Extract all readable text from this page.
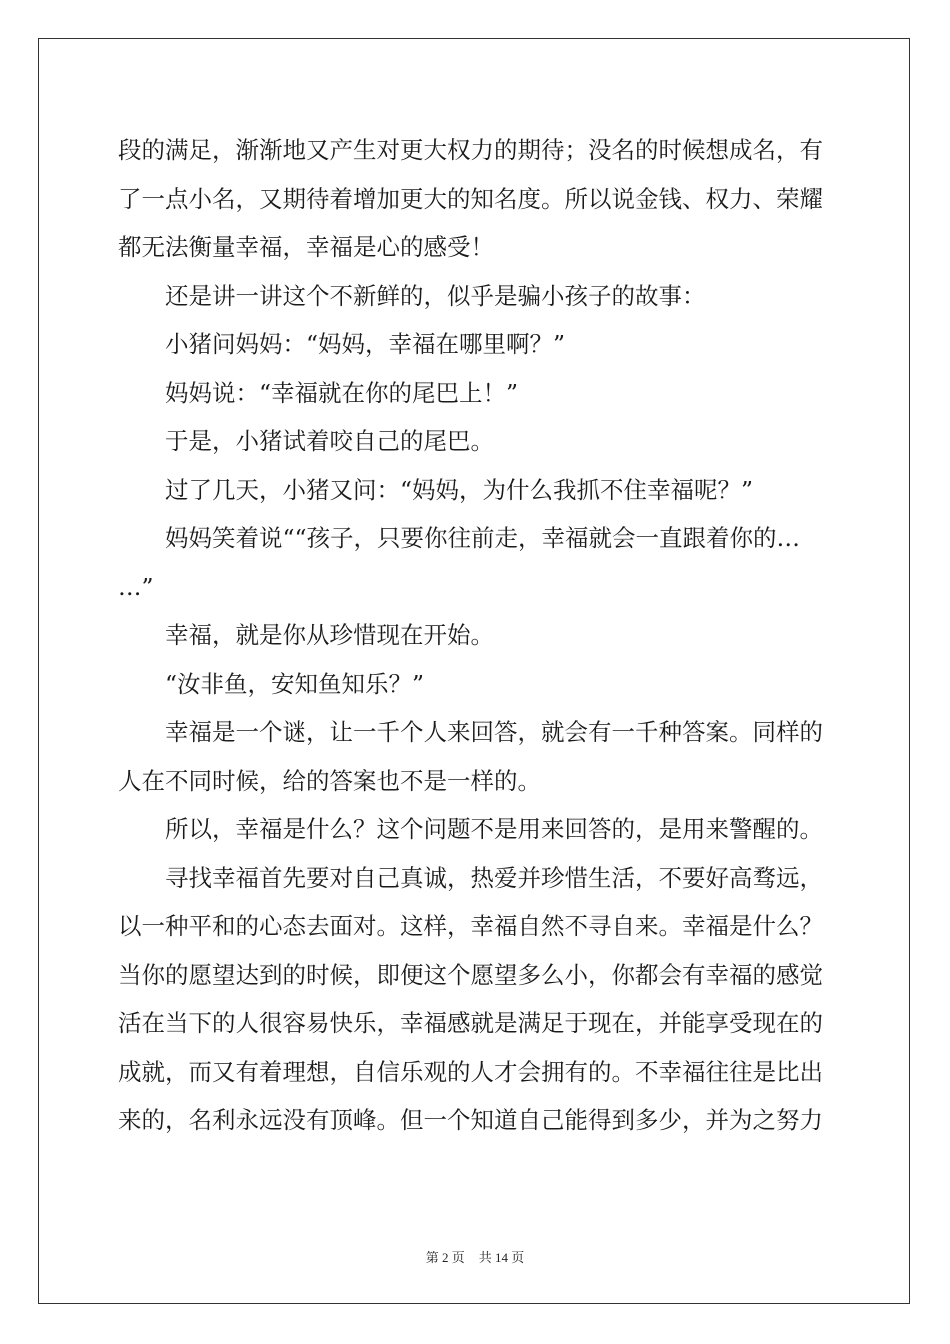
段的满足，渐渐地又产生对更大权力的期待；没名的时候想成名，有
了一点小名，又期待着增加更大的知名度。所以说金钱、权力、荣耀
都无法衡量幸福，幸福是心的感受！
还是讲一讲这个不新鲜的，似乎是骗小孩子的故事：
小猪问妈妈：“妈妈，幸福在哪里啊？”
妈妈说：“幸福就在你的尾巴上！”
于是，小猪试着咬自己的尾巴。
过了几天，小猪又问：“妈妈，为什么我抓不住幸福呢？”
妈妈笑着说““孩子，只要你往前走，幸福就会一直跟着你的…
…”
幸福，就是你从珍惜现在开始。
“汝非鱼，安知鱼知乐？”
幸福是一个谜，让一千个人来回答，就会有一千种答案。同样的
人在不同时候，给的答案也不是一样的。
所以，幸福是什么？这个问题不是用来回答的，是用来警醒的。
寻找幸福首先要对自己真诚，热爱并珍惜生活，不要好高骛远，
以一种平和的心态去面对。这样，幸福自然不寻自来。幸福是什么？
当你的愿望达到的时候，即便这个愿望多么小，你都会有幸福的感觉
活在当下的人很容易快乐，幸福感就是满足于现在，并能享受现在的
成就，而又有着理想，自信乐观的人才会拥有的。不幸福往往是比出
来的，名利永远没有顶峰。但一个知道自己能得到多少，并为之努力
第 2 页 共 14 页
